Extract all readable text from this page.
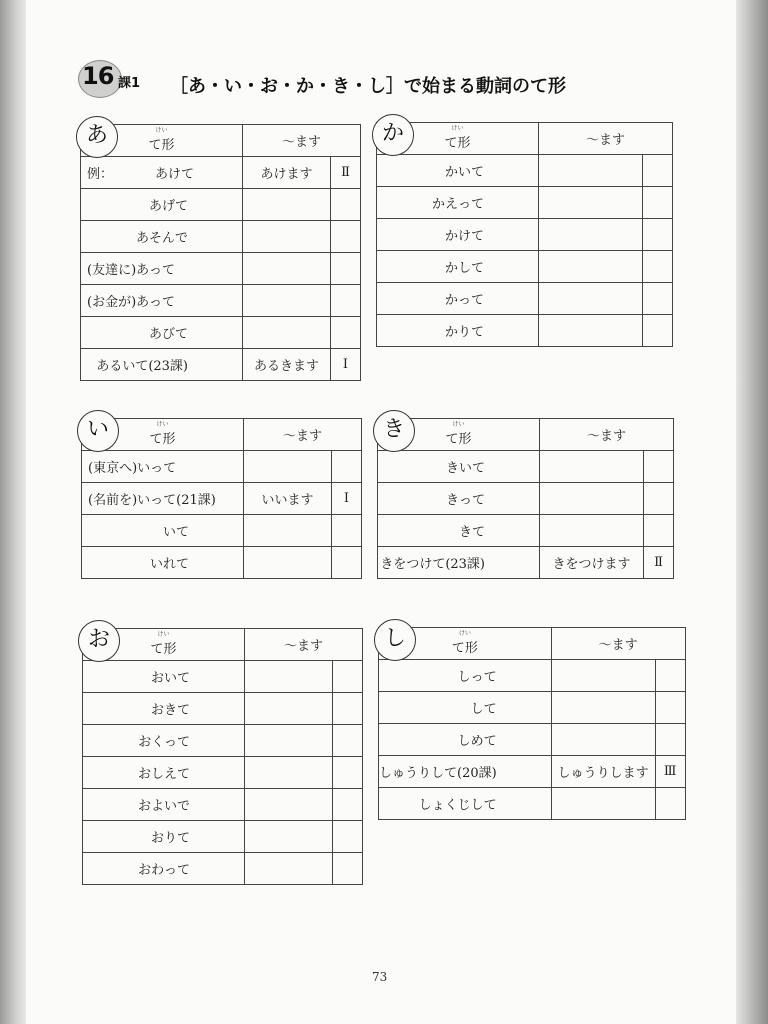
16 課1 ［あ・い・お・か・き・し］で始まる動詞のて形
あ	けい
て形	〜ます	

例： あけて	あけます	Ⅱ
あげて		
あそんで		
(友達に)あって		
(お金が)あって		
あびて		
あるいて(23課)	あるきます	Ⅰ
か	けい
て形	〜ます	
かいて		
かえって		
かけて		
かして		
かって		
かりて		
い	けい
て形	〜ます	
(東京へ)いって		
(名前を)いって(21課)	いいます	Ⅰ
いて		
いれて		
き	けい
て形	〜ます	
きいて		
きって		
きて		
きをつけて(23課)	きをつけます	Ⅱ
お	けい
て形	〜ます	
おいて		
おきて		
おくって		
おしえて		
およいで		
おりて		
おわって		
し	けい
て形	〜ます	
しって		
して		
しめて		
しゅうりして(20課)	しゅうりします	Ⅲ
しょくじして		
73
